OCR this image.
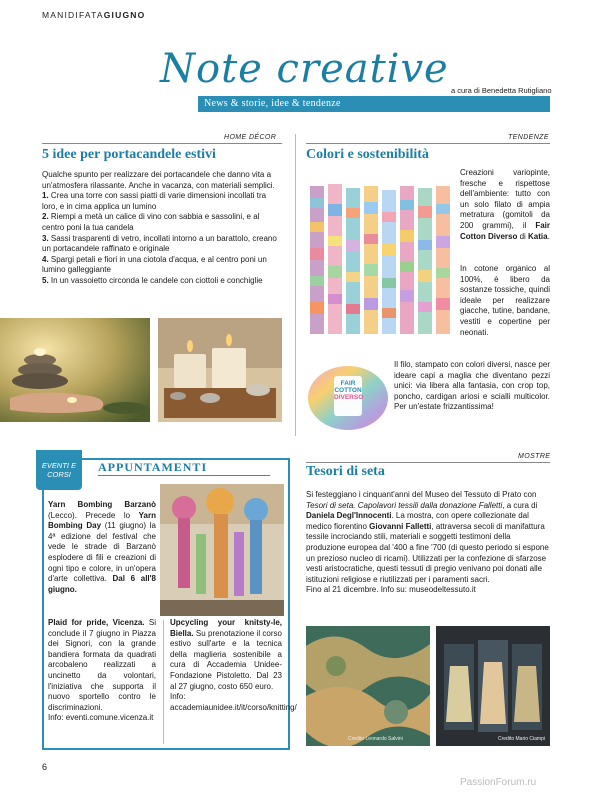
MANIDIFATAGIUGNO
Note creative a cura di Benedetta Rutigliano
News & storie, idee & tendenze
HOME DÉCOR
5 idee per portacandele estivi
Qualche spunto per realizzare dei portacandele che danno vita a un'atmosfera rilassante. Anche in vacanza, con materiali semplici.
1. Crea una torre con sassi piatti di varie dimensioni incollati tra loro, e in cima applica un lumino
2. Riempi a metà un calice di vino con sabbia e sassolini, e al centro poni la tua candela
3. Sassi trasparenti di vetro, incollati intorno a un barattolo, creano un portacandele raffinato e originale
4. Spargi petali e fiori in una ciotola d'acqua, e al centro poni un lumino galleggiante
5. In un vassoietto circonda le candele con ciottoli e conchiglie
TENDENZE
Colori e sostenibilità
Creazioni variopinte, fresche e rispettose dell'ambiente: tutto con un solo filato di ampia metratura (gomitoli da 200 grammi), il Fair Cotton Diverso di Katia.
In cotone organico al 100%, è libero da sostanze tossiche, quindi ideale per realizzare giacche, tutine, bandane, vestiti e copertine per neonati.
FAIR
COTTON
DIVERSO
Il filo, stampato con colori diversi, nasce per ideare capi a maglia che diventano pezzi unici: via libera alla fantasia, con crop top, poncho, cardigan ariosi e scialli multicolor. Per un'estate frizzantissima!
EVENTI E CORSI	APPUNTAMENTI
Yarn Bombing Barzanò (Lecco). Precede lo Yarn Bombing Day (11 giugno) la 4ª edizione del festival che vede le strade di Barzanò esplodere di fili e creazioni di ogni tipo e colore, in un'opera d'arte collettiva. Dal 6 all'8 giugno.
Plaid for pride, Vicenza. Si conclude il 7 giugno in Piazza dei Signori, con la grande bandiera formata da quadrati arcobaleno realizzati a uncinetto da volontari, l'iniziativa che supporta il nuovo sportello contro le discriminazioni.
Info: eventi.comune.vicenza.it
Upcycling your knitsty-le, Biella. Su prenotazione il corso estivo sull'arte e la tecnica della maglieria sostenibile a cura di Accademia Unidee-Fondazione Pistoletto. Dal 23 al 27 giugno, costo 650 euro.
Info: accademiaunidee.it/it/corso/knitting/
MOSTRE
Tesori di seta
Si festeggiano i cinquant'anni del Museo del Tessuto di Prato con Tesori di seta. Capolavori tessili dalla donazione Falletti, a cura di Daniela Degl'Innocenti. La mostra, con opere collezionate dal medico fiorentino Giovanni Falletti, attraversa secoli di manifattura tessile incrociando stili, materiali e soggetti testimoni della produzione europea dal '400 a fine '700 (di questo periodo si espone un prezioso nucleo di ricami). Utilizzati per la confezione di sfarzose vesti aristocratiche, questi tessuti di pregio venivano poi donati alle istituzioni religiose e riutilizzati per i paramenti sacri.
Fino al 21 dicembre. Info su: museodeltessuto.it
Credito Leonardo Salvini	Credito Mario Ciampi
6
PassionForum.ru
